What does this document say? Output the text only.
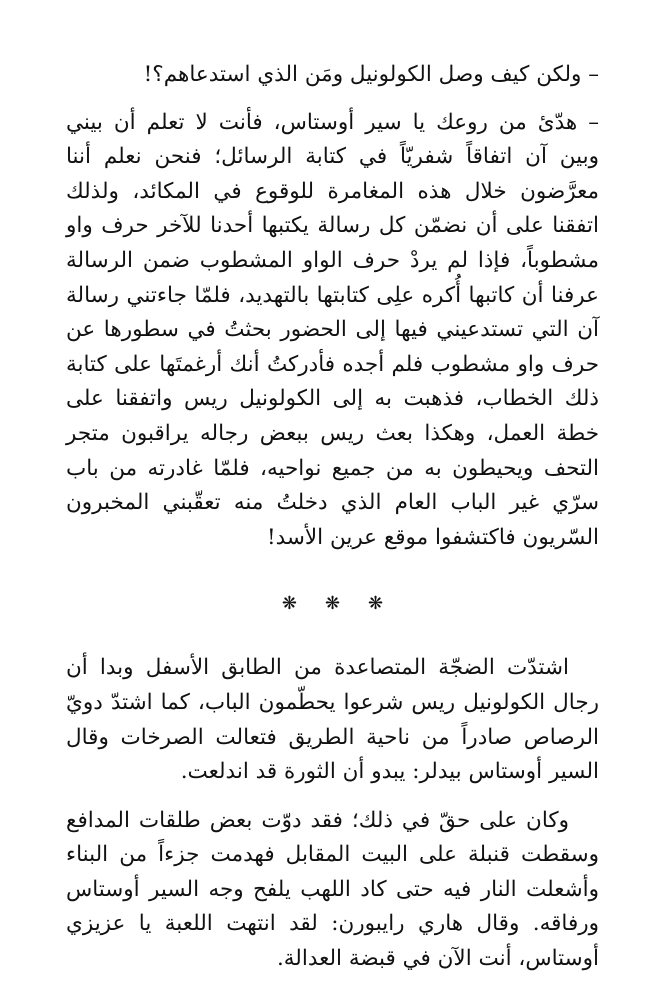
– ولكن كيف وصل الكولونيل ومَن الذي استدعاهم؟!

– هدّئ من روعك يا سير أوستاس، فأنت لا تعلم أن بيني وبين آن اتفاقاً شفريّاً في كتابة الرسائل؛ فنحن نعلم أننا معرَّضون خلال هذه المغامرة للوقوع في المكائد، ولذلك اتفقنا على أن نضمّن كل رسالة يكتبها أحدنا للآخر حرف واو مشطوباً، فإذا لم يردْ حرف الواو المشطوب ضمن الرسالة عرفنا أن كاتبها أُكره علِى كتابتها بالتهديد، فلمّا جاءتني رسالة آن التي تستدعيني فيها إلى الحضور بحثتُ في سطورها عن حرف واو مشطوب فلم أجده فأدركتُ أنك أرغمتَها على كتابة ذلك الخطاب، فذهبت به إلى الكولونيل ريس واتفقنا على خطة العمل، وهكذا بعث ريس ببعض رجاله يراقبون متجر التحف ويحيطون به من جميع نواحيه، فلمّا غادرته من باب سرّي غير الباب العام الذي دخلتُ منه تعقّبني المخبرون السّريون فاكتشفوا موقع عرين الأسد!

❋ ❋ ❋

اشتدّت الضجّة المتصاعدة من الطابق الأسفل وبدا أن رجال الكولونيل ريس شرعوا يحطّمون الباب، كما اشتدّ دويّ الرصاص صادراً من ناحية الطريق فتعالت الصرخات وقال السير أوستاس بيدلر: يبدو أن الثورة قد اندلعت.

وكان على حقّ في ذلك؛ فقد دوّت بعض طلقات المدافع وسقطت قنبلة على البيت المقابل فهدمت جزءاً من البناء وأشعلت النار فيه حتى كاد اللهب يلفح وجه السير أوستاس ورفاقه. وقال هاري رايبورن: لقد انتهت اللعبة يا عزيزي أوستاس، أنت الآن في قبضة العدالة.
